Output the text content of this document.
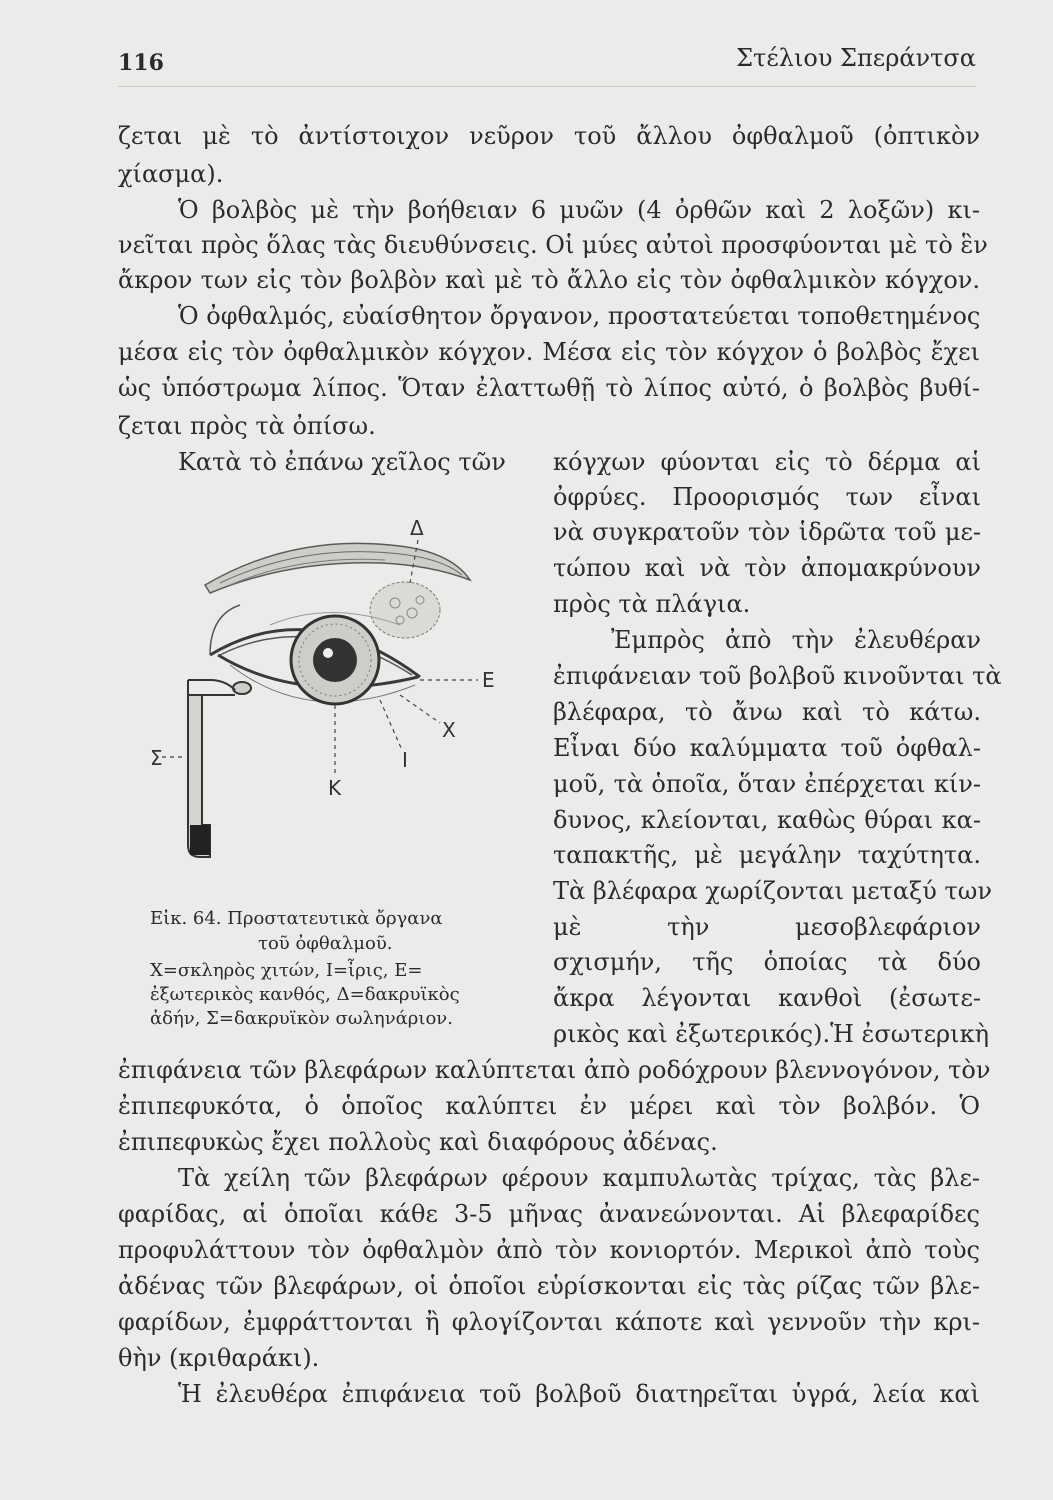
116	Στέλιου Σπεράντσα
ζεται μὲ τὸ ἀντίστοιχον νεῦρον τοῦ ἄλλου ὀφθαλμοῦ (ὀπτικὸν
χίασμα).
Ὁ βολβὸς μὲ τὴν βοήθειαν 6 μυῶν (4 ὀρθῶν καὶ 2 λοξῶν) κι-
νεῖται πρὸς ὅλας τὰς διευθύνσεις. Οἱ μύες αὐτοὶ προσφύονται μὲ τὸ ἓν
ἄκρον των εἰς τὸν βολβὸν καὶ μὲ τὸ ἄλλο εἰς τὸν ὀφθαλμικὸν κόγχον.
Ὁ ὀφθαλμός, εὐαίσθητον ὄργανον, προστατεύεται τοποθετημένος
μέσα εἰς τὸν ὀφθαλμικὸν κόγχον. Μέσα εἰς τὸν κόγχον ὁ βολβὸς ἔχει
ὡς ὑπόστρωμα λίπος. Ὅταν ἐλαττωθῇ τὸ λίπος αὐτό, ὁ βολβὸς βυθί-
ζεται πρὸς τὰ ὀπίσω.
Κατὰ τὸ ἐπάνω χεῖλος τῶν κόγχων φύονται εἰς τὸ δέρμα αἱ
ὀφρύες. Προορισμός των εἶναι
νὰ συγκρατοῦν τὸν ἱδρῶτα τοῦ με-
τώπου καὶ νὰ τὸν ἀπομακρύνουν
πρὸς τὰ πλάγια.
Ἐμπρὸς ἀπὸ τὴν ἐλευθέραν
ἐπιφάνειαν τοῦ βολβοῦ κινοῦνται τὰ
βλέφαρα, τὸ ἄνω καὶ τὸ κάτω.
Εἶναι δύο καλύμματα τοῦ ὀφθαλ-
μοῦ, τὰ ὁποῖα, ὅταν ἐπέρχεται κίν-
δυνος, κλείονται, καθὼς θύραι κα-
ταπακτῆς, μὲ μεγάλην ταχύτητα.
Τὰ βλέφαρα χωρίζονται μεταξύ των
μὲ τὴν μεσοβλεφάριον
σχισμήν, τῆς ὁποίας τὰ δύο
ἄκρα λέγονται κανθοὶ (ἐσωτε-
ρικὸς καὶ ἐξωτερικός).Ἡ ἐσωτερικὴ
ἐπιφάνεια τῶν βλεφάρων καλύπτεται ἀπὸ ροδόχρουν βλεννογόνον, τὸν
ἐπιπεφυκότα, ὁ ὁποῖος καλύπτει ἐν μέρει καὶ τὸν βολβόν. Ὁ
ἐπιπεφυκὼς ἔχει πολλοὺς καὶ διαφόρους ἀδένας.
Τὰ χείλη τῶν βλεφάρων φέρουν καμπυλωτὰς τρίχας, τὰς βλε-
φαρίδας, αἱ ὁποῖαι κάθε 3-5 μῆνας ἀνανεώνονται. Αἱ βλεφαρίδες
προφυλάττουν τὸν ὀφθαλμὸν ἀπὸ τὸν κονιορτόν. Μερικοὶ ἀπὸ τοὺς
ἀδένας τῶν βλεφάρων, οἱ ὁποῖοι εὑρίσκονται εἰς τὰς ρίζας τῶν βλε-
φαρίδων, ἐμφράττονται ἢ φλογίζονται κάποτε καὶ γεννοῦν τὴν κρι-
θὴν (κριθαράκι).
Ἡ ἐλευθέρα ἐπιφάνεια τοῦ βολβοῦ διατηρεῖται ὑγρά, λεία καὶ
Δ
Ε
Χ
Ι
Κ
Σ
Εἰκ. 64. Προστατευτικὰ ὄργανα
τοῦ ὀφθαλμοῦ.
Χ=σκληρὸς χιτών, Ι=ἶρις, Ε=
ἐξωτερικὸς κανθός, Δ=δακρυϊκὸς
ἀδήν, Σ=δακρυϊκὸν σωληνάριον.
